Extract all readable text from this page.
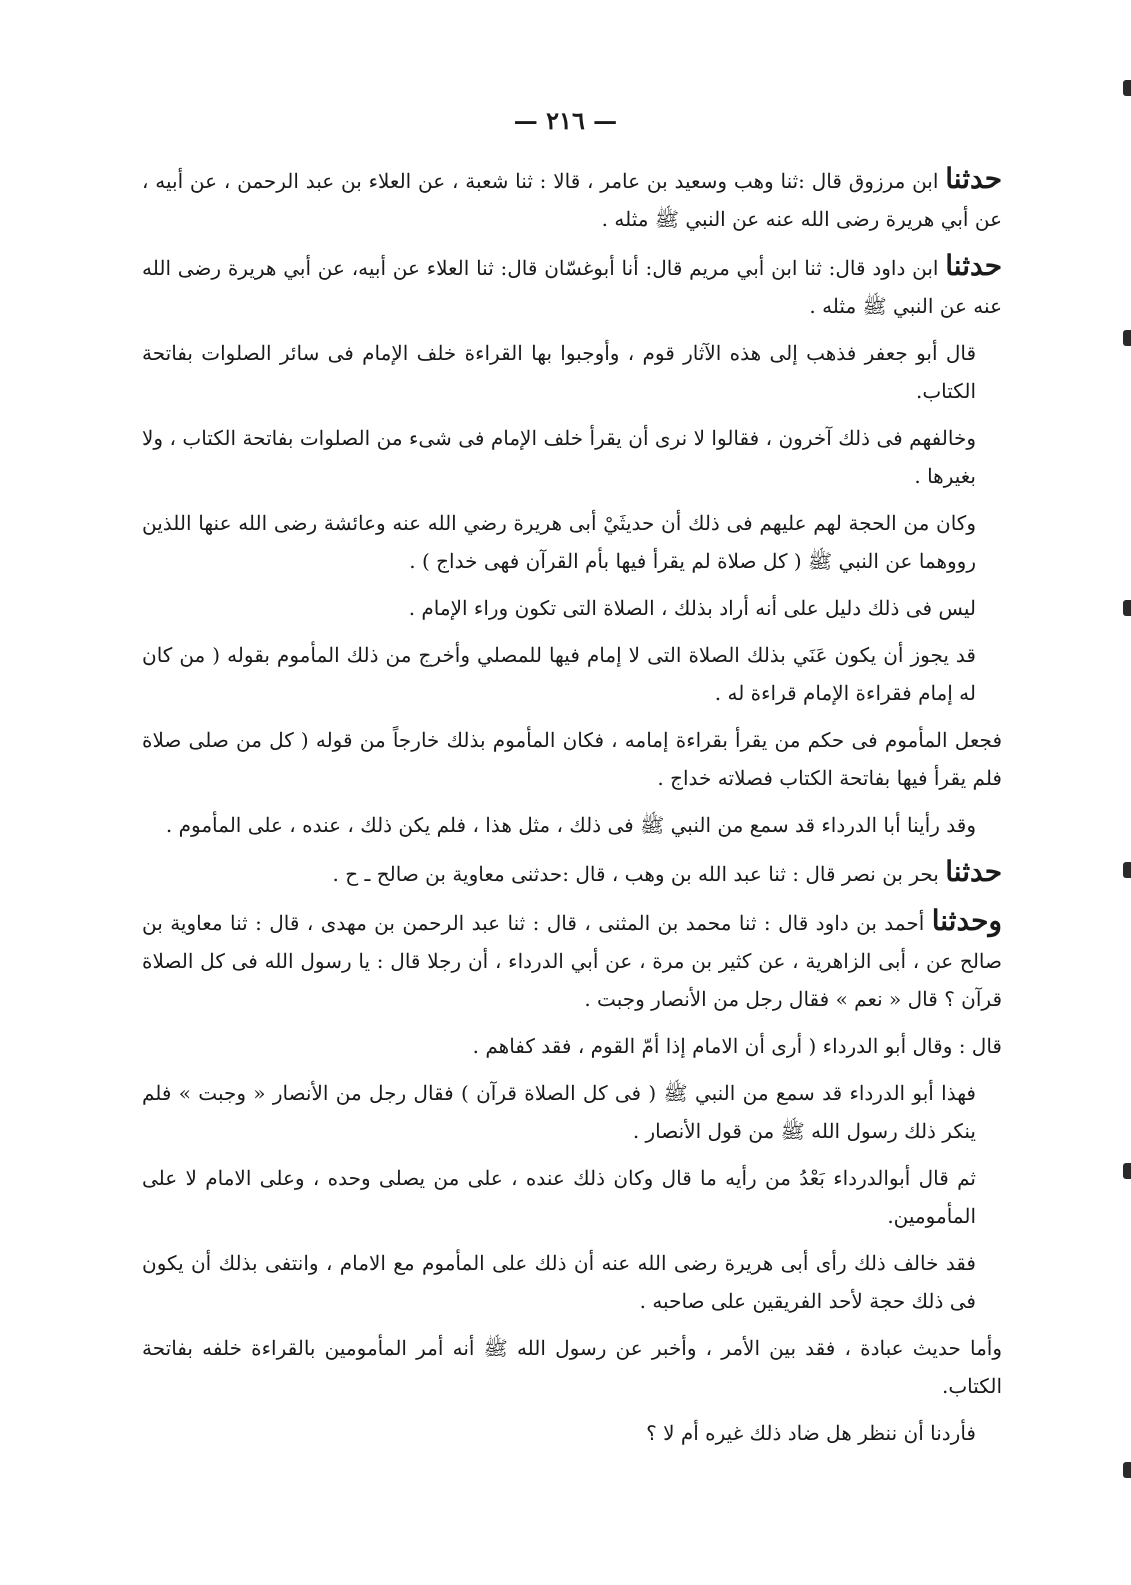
— ٢١٦ —

حدثنا ابن مرزوق قال :ثنا وهب وسعيد بن عامر ، قالا : ثنا شعبة ، عن العلاء بن عبد الرحمن ، عن أبيه ، عن أبي هريرة رضى الله عنه عن النبي ﷺ مثله .

حدثنا ابن داود قال: ثنا ابن أبي مريم قال: أنا أبوغسّان قال: ثنا العلاء عن أبيه، عن أبي هريرة رضى الله عنه عن النبي ﷺ مثله .

قال أبو جعفر فذهب إلى هذه الآثار قوم ، وأوجبوا بها القراءة خلف الإمام فى سائر الصلوات بفاتحة الكتاب.

وخالفهم فى ذلك آخرون ، فقالوا لا نرى أن يقرأ خلف الإمام فى شىء من الصلوات بفاتحة الكتاب ، ولا بغيرها .

وكان من الحجة لهم عليهم فى ذلك أن حديثَيْ أبى هريرة رضي الله عنه وعائشة رضى الله عنها اللذين رووهما عن النبي ﷺ ( كل صلاة لم يقرأ فيها بأم القرآن فهى خداج ) .

ليس فى ذلك دليل على أنه أراد بذلك ، الصلاة التى تكون وراء الإمام .

قد يجوز أن يكون عَنَي بذلك الصلاة التى لا إمام فيها للمصلي وأخرج من ذلك المأموم بقوله ( من كان له إمام فقراءة الإمام قراءة له .

فجعل المأموم فى حكم من يقرأ بقراءة إمامه ، فكان المأموم بذلك خارجاً من قوله ( كل من صلى صلاة فلم يقرأ فيها بفاتحة الكتاب فصلاته خداج .

وقد رأينا أبا الدرداء قد سمع من النبي ﷺ فى ذلك ، مثل هذا ، فلم يكن ذلك ، عنده ، على المأموم .

حدثنا بحر بن نصر قال : ثنا عبد الله بن وهب ، قال :حدثنى معاوية بن صالح ـ ح .

وحدثنا أحمد بن داود قال : ثنا محمد بن المثنى ، قال : ثنا عبد الرحمن بن مهدى ، قال : ثنا معاوية بن صالح عن ، أبى الزاهرية ، عن كثير بن مرة ، عن أبي الدرداء ، أن رجلا قال : يا رسول الله فى كل الصلاة قرآن ؟ قال « نعم » فقال رجل من الأنصار وجبت .

قال : وقال أبو الدرداء ( أرى أن الامام إذا أمّ القوم ، فقد كفاهم .

فهذا أبو الدرداء قد سمع من النبي ﷺ ( فى كل الصلاة قرآن ) فقال رجل من الأنصار « وجبت » فلم ينكر ذلك رسول الله ﷺ من قول الأنصار .

ثم قال أبوالدرداء بَعْدُ من رأيه ما قال وكان ذلك عنده ، على من يصلى وحده ، وعلى الامام لا على المأمومين.

فقد خالف ذلك رأى أبى هريرة رضى الله عنه أن ذلك على المأموم مع الامام ، وانتفى بذلك أن يكون فى ذلك حجة لأحد الفريقين على صاحبه .

وأما حديث عبادة ، فقد بين الأمر ، وأخبر عن رسول الله ﷺ أنه أمر المأمومين بالقراءة خلفه بفاتحة الكتاب.

فأردنا أن ننظر هل ضاد ذلك غيره أم لا ؟
